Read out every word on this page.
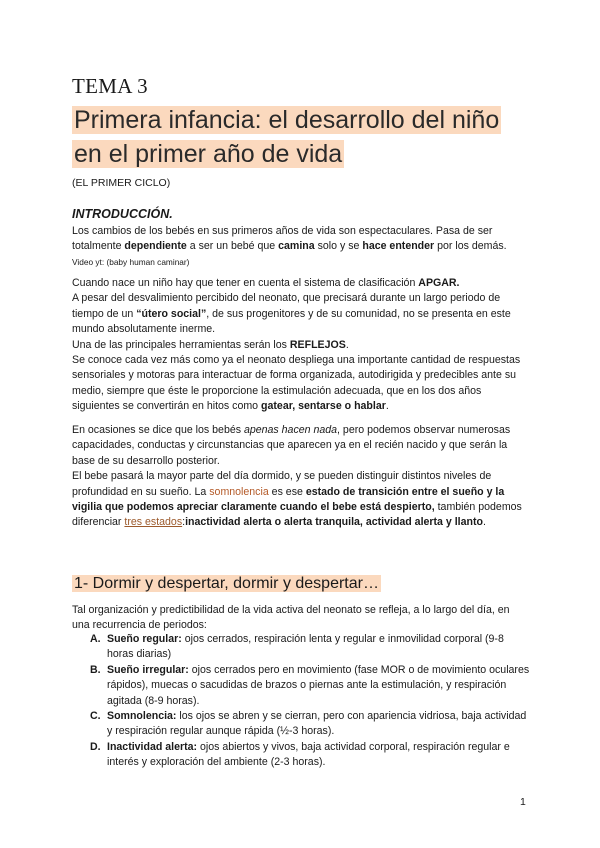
TEMA 3
Primera infancia: el desarrollo del niño
en el primer año de vida
(EL PRIMER CICLO)
INTRODUCCIÓN.
Los cambios de los bebés en sus primeros años de vida son espectaculares. Pasa de ser totalmente dependiente a ser un bebé que camina solo y se hace entender por los demás.
Video yt: (baby human caminar)
Cuando nace un niño hay que tener en cuenta el sistema de clasificación APGAR.
A pesar del desvalimiento percibido del neonato, que precisará durante un largo periodo de tiempo de un “útero social”, de sus progenitores y de su comunidad, no se presenta en este mundo absolutamente inerme.
Una de las principales herramientas serán los REFLEJOS.
Se conoce cada vez más como ya el neonato despliega una importante cantidad de respuestas sensoriales y motoras para interactuar de forma organizada, autodirigida y predecibles ante su medio, siempre que éste le proporcione la estimulación adecuada, que en los dos años siguientes se convertirán en hitos como gatear, sentarse o hablar.
En ocasiones se dice que los bebés apenas hacen nada, pero podemos observar numerosas capacidades, conductas y circunstancias que aparecen ya en el recién nacido y que serán la base de su desarrollo posterior.
El bebe pasará la mayor parte del día dormido, y se pueden distinguir distintos niveles de profundidad en su sueño. La somnolencia es ese estado de transición entre el sueño y la vigilia que podemos apreciar claramente cuando el bebe está despierto, también podemos diferenciar tres estados:inactividad alerta o alerta tranquila, actividad alerta y llanto.
1- Dormir y despertar, dormir y despertar…
Tal organización y predictibilidad de la vida activa del neonato se refleja, a lo largo del día, en una recurrencia de periodos:
A. Sueño regular: ojos cerrados, respiración lenta y regular e inmovilidad corporal (9-8 horas diarias)
B. Sueño irregular: ojos cerrados pero en movimiento (fase MOR o de movimiento oculares rápidos), muecas o sacudidas de brazos o piernas ante la estimulación, y respiración agitada (8-9 horas).
C. Somnolencia: los ojos se abren y se cierran, pero con apariencia vidriosa, baja actividad y respiración regular aunque rápida (½-3 horas).
D. Inactividad alerta: ojos abiertos y vivos, baja actividad corporal, respiración regular e interés y exploración del ambiente (2-3 horas).
1
